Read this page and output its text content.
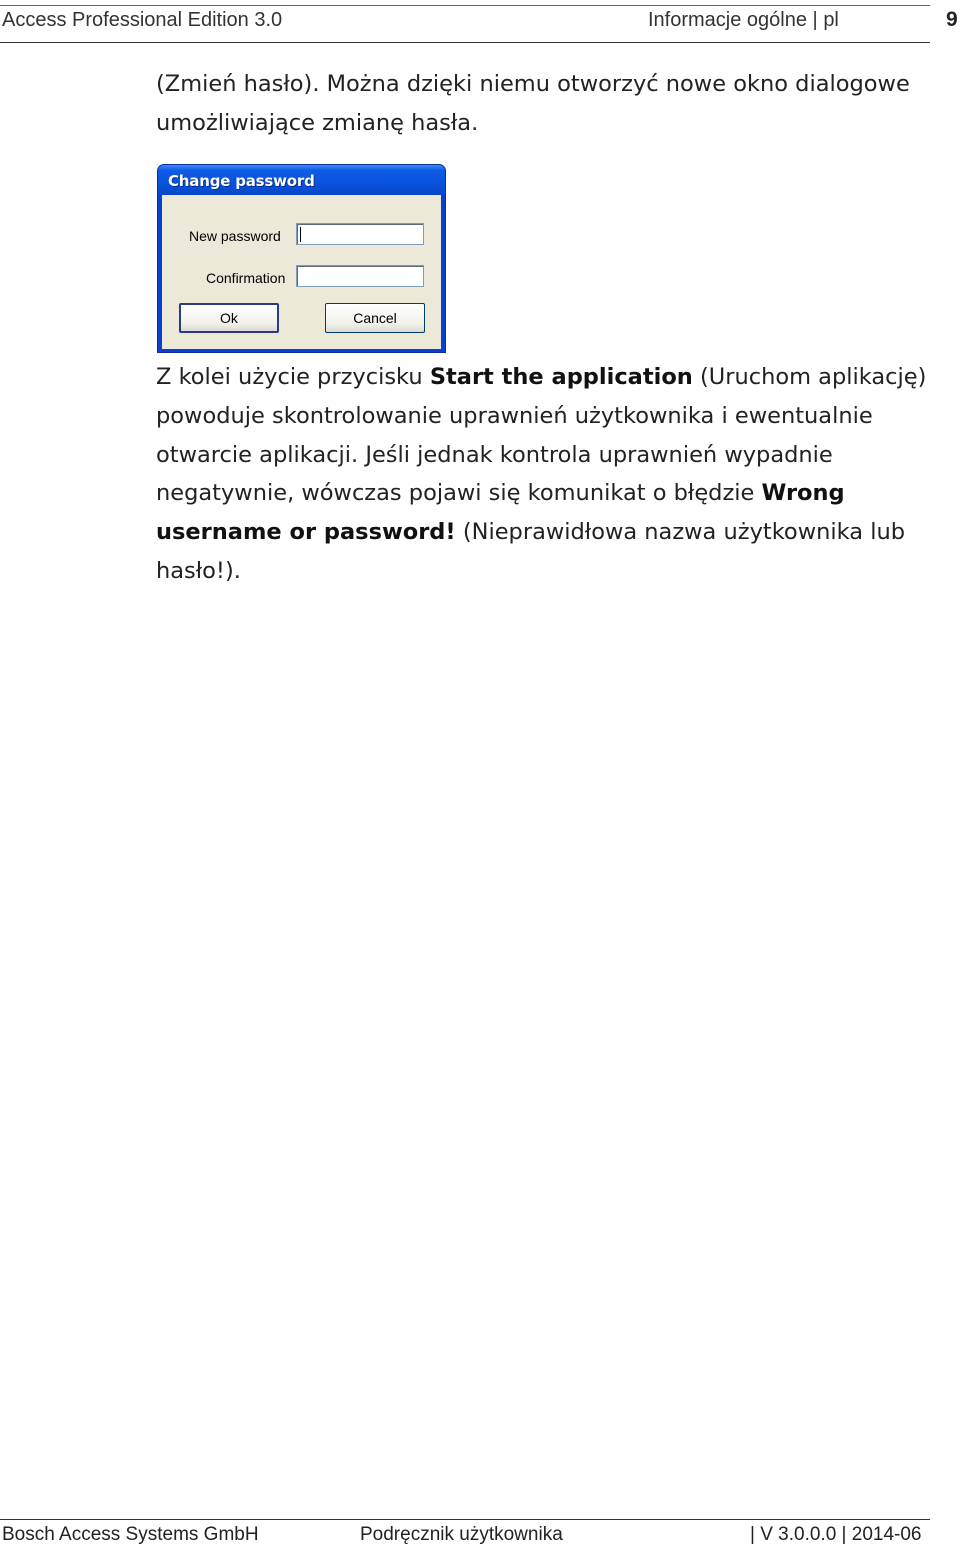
Access Professional Edition 3.0	Informacje ogólne | pl	9
(Zmień hasło). Można dzięki niemu otworzyć nowe okno dialogowe umożliwiające zmianę hasła.
Change password
New password
Confirmation
Ok	Cancel
Z kolei użycie przycisku Start the application (Uruchom aplikację) powoduje skontrolowanie uprawnień użytkownika i ewentualnie otwarcie aplikacji. Jeśli jednak kontrola uprawnień wypadnie negatywnie, wówczas pojawi się komunikat o błędzie Wrong username or password! (Nieprawidłowa nazwa użytkownika lub hasło!).
Bosch Access Systems GmbH	Podręcznik użytkownika	| V 3.0.0.0 | 2014-06
